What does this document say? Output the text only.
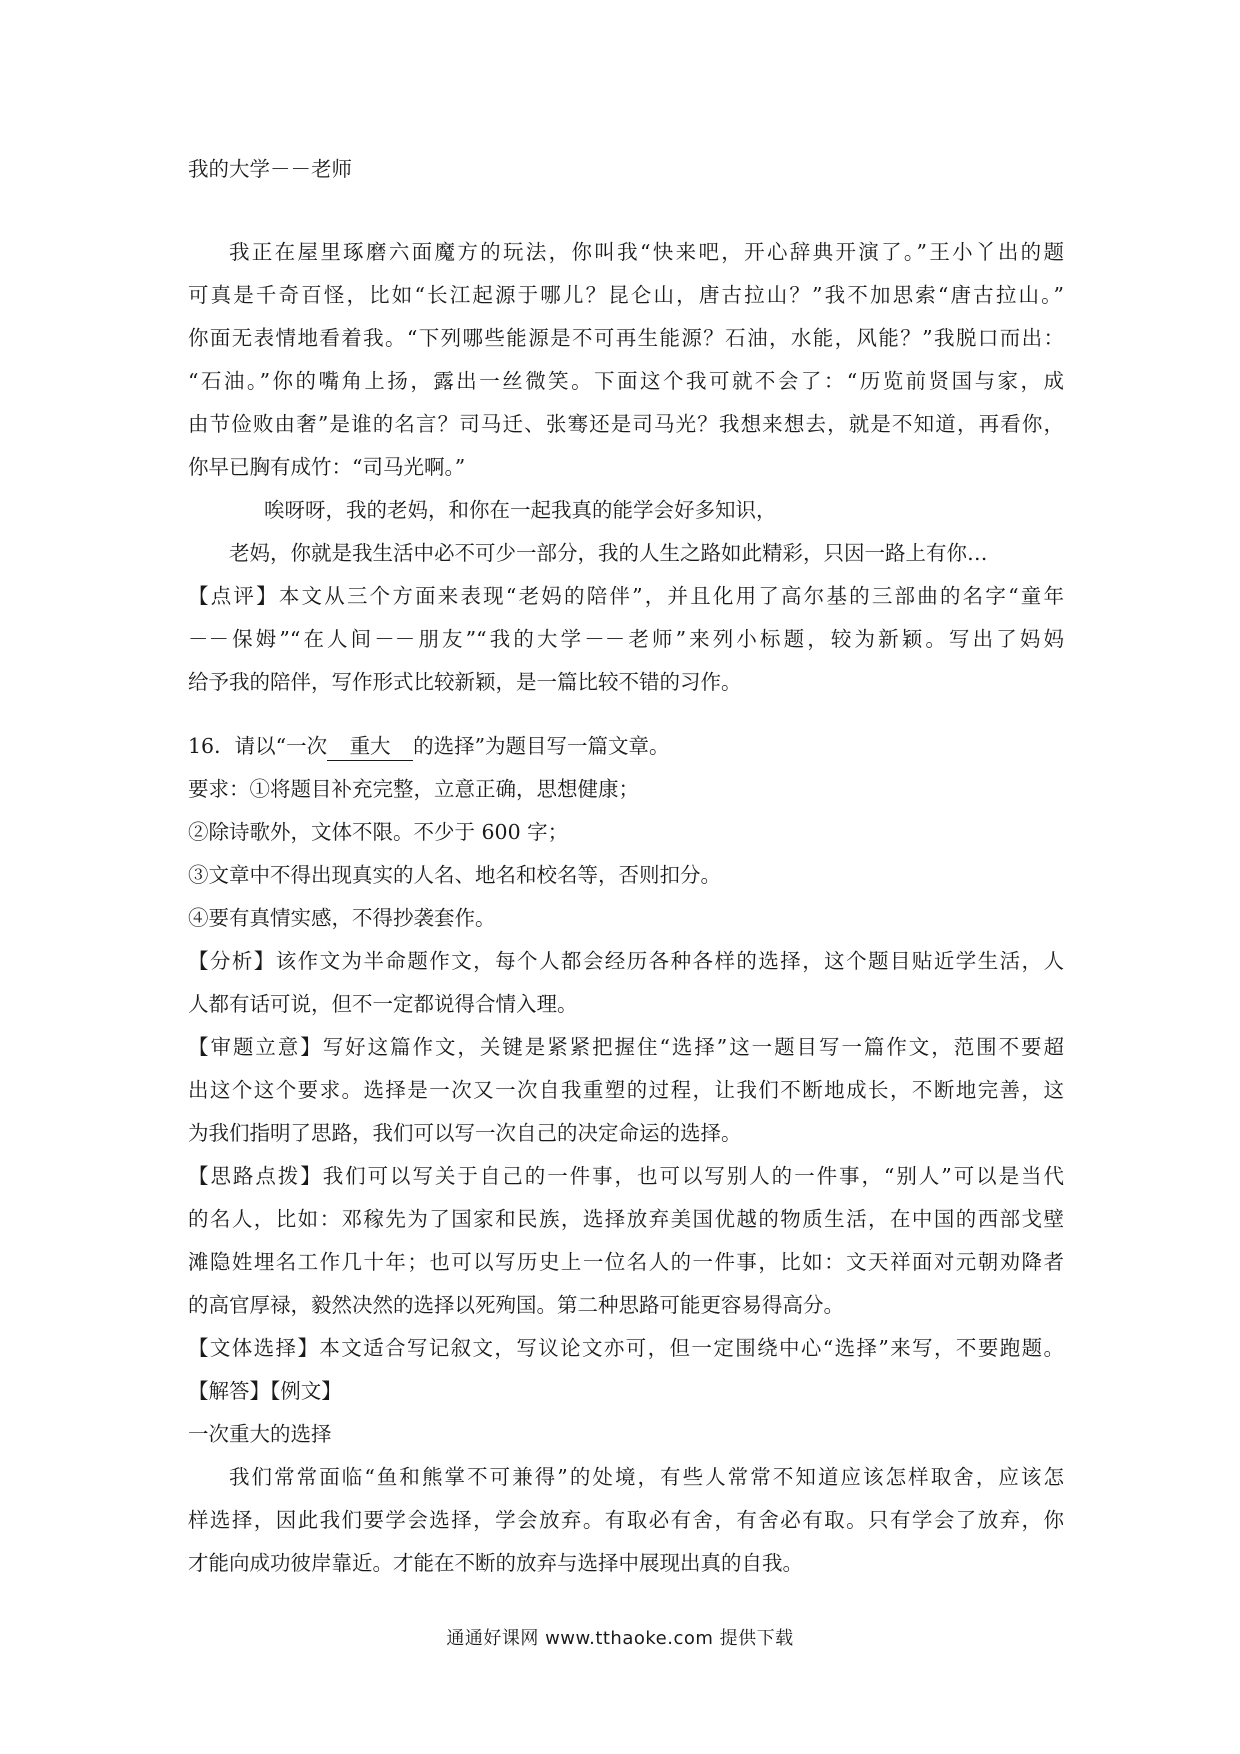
我的大学－－老师
我正在屋里琢磨六面魔方的玩法，你叫我“快来吧，开心辞典开演了。”王小丫出的题
可真是千奇百怪，比如“长江起源于哪儿？昆仑山，唐古拉山？”我不加思索“唐古拉山。”
你面无表情地看着我。“下列哪些能源是不可再生能源？石油，水能，风能？”我脱口而出：
“石油。”你的嘴角上扬，露出一丝微笑。下面这个我可就不会了：“历览前贤国与家，成
由节俭败由奢”是谁的名言？司马迁、张骞还是司马光？我想来想去，就是不知道，再看你，
你早已胸有成竹：“司马光啊。”
唉呀呀，我的老妈，和你在一起我真的能学会好多知识，
老妈，你就是我生活中必不可少一部分，我的人生之路如此精彩，只因一路上有你…
【点评】本文从三个方面来表现“老妈的陪伴”，并且化用了高尔基的三部曲的名字“童年
－－保姆”“在人间－－朋友”“我的大学－－老师”来列小标题，较为新颖。写出了妈妈
给予我的陪伴，写作形式比较新颖，是一篇比较不错的习作。
16．请以“一次 重大 的选择”为题目写一篇文章。
要求：①将题目补充完整，立意正确，思想健康；
②除诗歌外，文体不限。不少于 600 字；
③文章中不得出现真实的人名、地名和校名等，否则扣分。
④要有真情实感，不得抄袭套作。
【分析】该作文为半命题作文，每个人都会经历各种各样的选择，这个题目贴近学生活，人
人都有话可说，但不一定都说得合情入理。
【审题立意】写好这篇作文，关键是紧紧把握住“选择”这一题目写一篇作文，范围不要超
出这个这个要求。选择是一次又一次自我重塑的过程，让我们不断地成长，不断地完善，这
为我们指明了思路，我们可以写一次自己的决定命运的选择。
【思路点拨】我们可以写关于自己的一件事，也可以写别人的一件事，“别人”可以是当代
的名人，比如：邓稼先为了国家和民族，选择放弃美国优越的物质生活，在中国的西部戈壁
滩隐姓埋名工作几十年；也可以写历史上一位名人的一件事，比如：文天祥面对元朝劝降者
的高官厚禄，毅然决然的选择以死殉国。第二种思路可能更容易得高分。
【文体选择】本文适合写记叙文，写议论文亦可，但一定围绕中心“选择”来写，不要跑题。
【解答】【例文】
一次重大的选择
我们常常面临“鱼和熊掌不可兼得”的处境，有些人常常不知道应该怎样取舍，应该怎
样选择，因此我们要学会选择，学会放弃。有取必有舍，有舍必有取。只有学会了放弃，你
才能向成功彼岸靠近。才能在不断的放弃与选择中展现出真的自我。
通通好课网 www.tthaoke.com 提供下载
